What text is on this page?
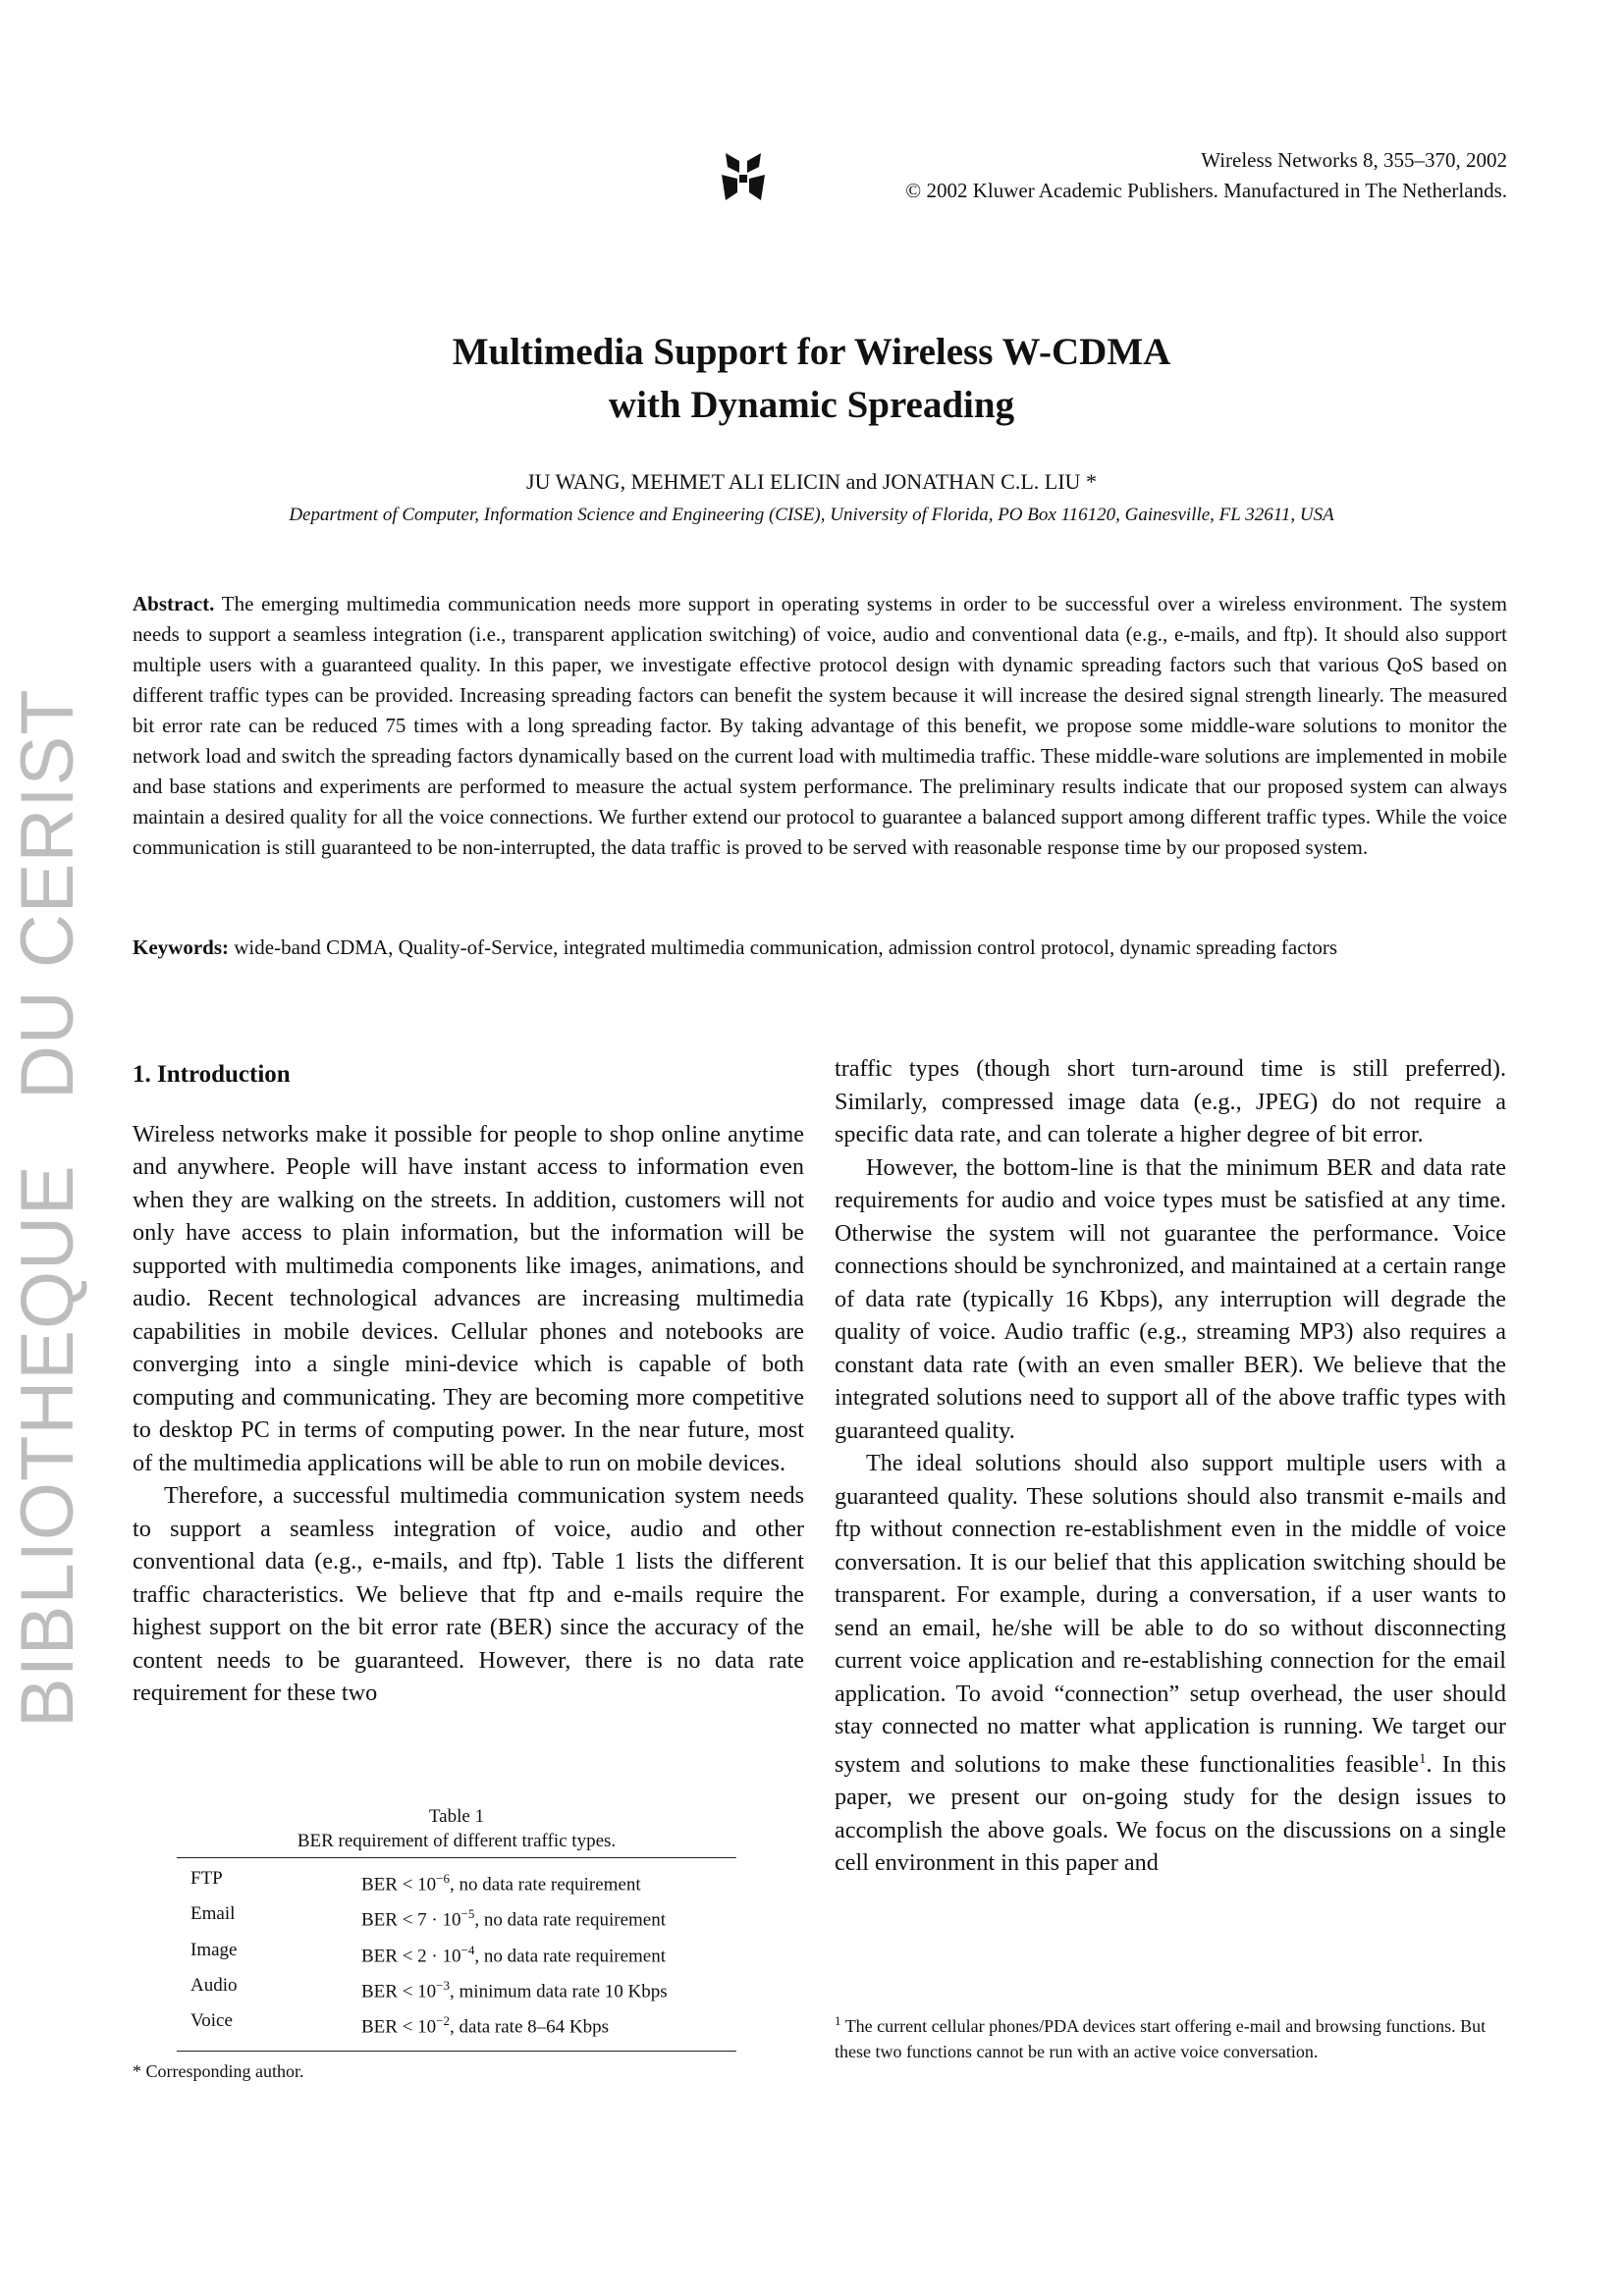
BIBLIOTHEQUE   DU CERIST
Wireless Networks 8, 355–370, 2002
© 2002 Kluwer Academic Publishers. Manufactured in The Netherlands.
Multimedia Support for Wireless W-CDMA
with Dynamic Spreading
JU WANG, MEHMET ALI ELICIN and JONATHAN C.L. LIU *
Department of Computer, Information Science and Engineering (CISE), University of Florida, PO Box 116120, Gainesville, FL 32611, USA

Abstract. The emerging multimedia communication needs more support in operating systems in order to be successful over a wireless environment. The system needs to support a seamless integration (i.e., transparent application switching) of voice, audio and conventional data (e.g., e-mails, and ftp). It should also support multiple users with a guaranteed quality. In this paper, we investigate effective protocol design with dynamic spreading factors such that various QoS based on different traffic types can be provided. Increasing spreading factors can benefit the system because it will increase the desired signal strength linearly. The measured bit error rate can be reduced 75 times with a long spreading factor. By taking advantage of this benefit, we propose some middle-ware solutions to monitor the network load and switch the spreading factors dynamically based on the current load with multimedia traffic. These middle-ware solutions are implemented in mobile and base stations and experiments are performed to measure the actual system performance. The preliminary results indicate that our proposed system can always maintain a desired quality for all the voice connections. We further extend our protocol to guarantee a balanced support among different traffic types. While the voice communication is still guaranteed to be non-interrupted, the data traffic is proved to be served with reasonable response time by our proposed system.

Keywords: wide-band CDMA, Quality-of-Service, integrated multimedia communication, admission control protocol, dynamic spreading factors

1. Introduction

Wireless networks make it possible for people to shop online anytime and anywhere. People will have instant access to information even when they are walking on the streets. In addition, customers will not only have access to plain information, but the information will be supported with multimedia components like images, animations, and audio. Recent technological advances are increasing multimedia capabilities in mobile devices. Cellular phones and notebooks are converging into a single mini-device which is capable of both computing and communicating. They are becoming more competitive to desktop PC in terms of computing power. In the near future, most of the multimedia applications will be able to run on mobile devices.

Therefore, a successful multimedia communication system needs to support a seamless integration of voice, audio and other conventional data (e.g., e-mails, and ftp). Table 1 lists the different traffic characteristics. We believe that ftp and e-mails require the highest support on the bit error rate (BER) since the accuracy of the content needs to be guaranteed. However, there is no data rate requirement for these two

Table 1
BER requirement of different traffic types.
FTP	BER < $10^{-6}$, no data rate requirement
Email	BER < $7 \cdot 10^{-5}$, no data rate requirement
Image	BER < $2 \cdot 10^{-4}$, no data rate requirement
Audio	BER < $10^{-3}$, minimum data rate 10 Kbps
Voice	BER < $10^{-2}$, data rate 8–64 Kbps
* Corresponding author.

traffic types (though short turn-around time is still preferred). Similarly, compressed image data (e.g., JPEG) do not require a specific data rate, and can tolerate a higher degree of bit error.

However, the bottom-line is that the minimum BER and data rate requirements for audio and voice types must be satisfied at any time. Otherwise the system will not guarantee the performance. Voice connections should be synchronized, and maintained at a certain range of data rate (typically 16 Kbps), any interruption will degrade the quality of voice. Audio traffic (e.g., streaming MP3) also requires a constant data rate (with an even smaller BER). We believe that the integrated solutions need to support all of the above traffic types with guaranteed quality.

The ideal solutions should also support multiple users with a guaranteed quality. These solutions should also transmit e-mails and ftp without connection re-establishment even in the middle of voice conversation. It is our belief that this application switching should be transparent. For example, during a conversation, if a user wants to send an email, he/she will be able to do so without disconnecting current voice application and re-establishing connection for the email application. To avoid “connection” setup overhead, the user should stay connected no matter what application is running. We target our system and solutions to make these functionalities feasible$^1$. In this paper, we present our on-going study for the design issues to accomplish the above goals. We focus on the discussions on a single cell environment in this paper and

$^1$ The current cellular phones/PDA devices start offering e-mail and browsing functions. But these two functions cannot be run with an active voice conversation.
